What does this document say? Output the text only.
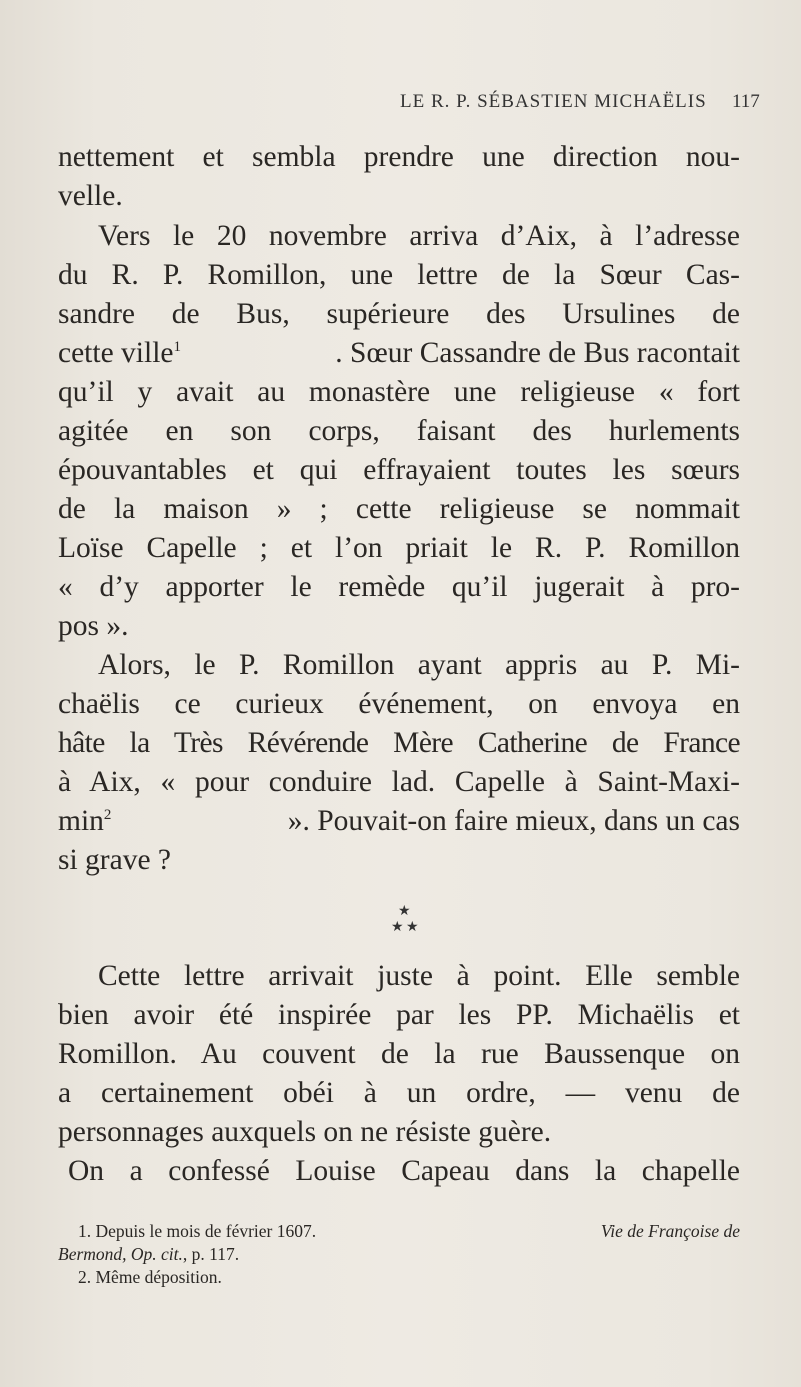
LE R. P. SÉBASTIEN MICHAËLIS 117
nettement et sembla prendre une direction nou-
velle.
Vers le 20 novembre arriva d’Aix, à l’adresse
du R. P. Romillon, une lettre de la Sœur Cas-
sandre de Bus, supérieure des Ursulines de
cette ville$^1$	. Sœur Cassandre de Bus racontait
qu’il y avait au monastère une religieuse « fort
agitée en son corps, faisant des hurlements
épouvantables et qui effrayaient toutes les sœurs
de la maison » ; cette religieuse se nommait
Loïse Capelle ; et l’on priait le R. P. Romillon
« d’y apporter le remède qu’il jugerait à pro-
pos ».
Alors, le P. Romillon ayant appris au P. Mi-
chaëlis ce curieux événement, on envoya en
hâte la Très Révérende Mère Catherine de France
à Aix, « pour conduire lad. Capelle à Saint-Maxi-
$\min^2$	». Pouvait-on faire mieux, dans un cas
si grave ?
Cette lettre arrivait juste à point. Elle semble
bien avoir été inspirée par les PP. Michaëlis et
Romillon. Au couvent de la rue Baussenque on
a certainement obéi à un ordre, — venu de
personnages auxquels on ne résiste guère.
On a confessé Louise Capeau dans la chapelle
★
★ ★
1. Depuis le mois de février 1607.	Vie de Françoise de
Bermond, Op. cit., p. 117.
2. Même déposition.
